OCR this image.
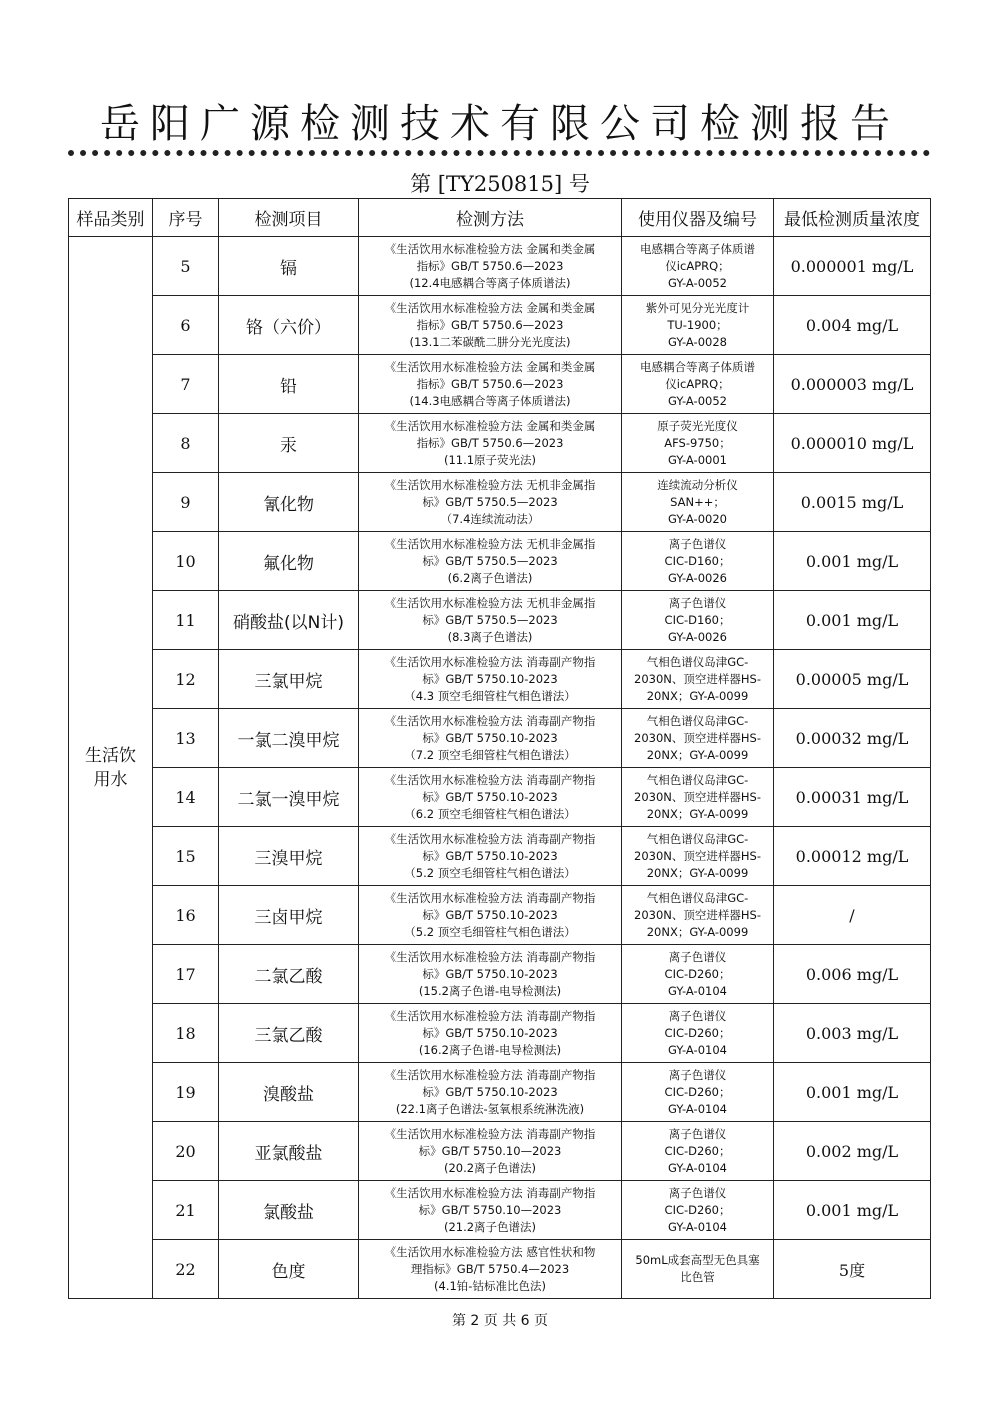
岳阳广源检测技术有限公司检测报告
第 [TY250815] 号
样品类别	序号	检测项目	检测方法	使用仪器及编号	最低检测质量浓度
生活饮用水	5	镉	《生活饮用水标准检验方法 金属和类金属
指标》GB/T 5750.6—2023
(12.4电感耦合等离子体质谱法)	电感耦合等离子体质谱
仪icAPRQ；
GY-A-0052	0.000001 mg/L
	6	铬（六价）	《生活饮用水标准检验方法 金属和类金属
指标》GB/T 5750.6—2023
(13.1二苯碳酰二肼分光光度法)	紫外可见分光光度计
TU-1900；
GY-A-0028	0.004 mg/L
	7	铅	《生活饮用水标准检验方法 金属和类金属
指标》GB/T 5750.6—2023
(14.3电感耦合等离子体质谱法)	电感耦合等离子体质谱
仪icAPRQ；
GY-A-0052	0.000003 mg/L
	8	汞	《生活饮用水标准检验方法 金属和类金属
指标》GB/T 5750.6—2023
(11.1原子荧光法)	原子荧光光度仪
AFS-9750；
GY-A-0001	0.000010 mg/L
	9	氰化物	《生活饮用水标准检验方法 无机非金属指
标》GB/T 5750.5—2023
（7.4连续流动法）	连续流动分析仪
SAN++；
GY-A-0020	0.0015 mg/L
	10	氟化物	《生活饮用水标准检验方法 无机非金属指
标》GB/T 5750.5—2023
(6.2离子色谱法)	离子色谱仪
CIC-D160；
GY-A-0026	0.001 mg/L
	11	硝酸盐(以N计)	《生活饮用水标准检验方法 无机非金属指
标》GB/T 5750.5—2023
(8.3离子色谱法)	离子色谱仪
CIC-D160；
GY-A-0026	0.001 mg/L
	12	三氯甲烷	《生活饮用水标准检验方法 消毒副产物指
标》GB/T 5750.10-2023
（4.3 顶空毛细管柱气相色谱法）	气相色谱仪岛津GC-
2030N、顶空进样器HS-
20NX；GY-A-0099	0.00005 mg/L
	13	一氯二溴甲烷	《生活饮用水标准检验方法 消毒副产物指
标》GB/T 5750.10-2023
（7.2 顶空毛细管柱气相色谱法）	气相色谱仪岛津GC-
2030N、顶空进样器HS-
20NX；GY-A-0099	0.00032 mg/L
	14	二氯一溴甲烷	《生活饮用水标准检验方法 消毒副产物指
标》GB/T 5750.10-2023
（6.2 顶空毛细管柱气相色谱法）	气相色谱仪岛津GC-
2030N、顶空进样器HS-
20NX；GY-A-0099	0.00031 mg/L
	15	三溴甲烷	《生活饮用水标准检验方法 消毒副产物指
标》GB/T 5750.10-2023
（5.2 顶空毛细管柱气相色谱法）	气相色谱仪岛津GC-
2030N、顶空进样器HS-
20NX；GY-A-0099	0.00012 mg/L
	16	三卤甲烷	《生活饮用水标准检验方法 消毒副产物指
标》GB/T 5750.10-2023
（5.2 顶空毛细管柱气相色谱法）	气相色谱仪岛津GC-
2030N、顶空进样器HS-
20NX；GY-A-0099	/
	17	二氯乙酸	《生活饮用水标准检验方法 消毒副产物指
标》GB/T 5750.10-2023
(15.2离子色谱-电导检测法)	离子色谱仪
CIC-D260；
GY-A-0104	0.006 mg/L
	18	三氯乙酸	《生活饮用水标准检验方法 消毒副产物指
标》GB/T 5750.10-2023
(16.2离子色谱-电导检测法)	离子色谱仪
CIC-D260；
GY-A-0104	0.003 mg/L
	19	溴酸盐	《生活饮用水标准检验方法 消毒副产物指
标》GB/T 5750.10-2023
(22.1离子色谱法-氢氧根系统淋洗液)	离子色谱仪
CIC-D260；
GY-A-0104	0.001 mg/L
	20	亚氯酸盐	《生活饮用水标准检验方法 消毒副产物指
标》GB/T 5750.10—2023
(20.2离子色谱法)	离子色谱仪
CIC-D260；
GY-A-0104	0.002 mg/L
	21	氯酸盐	《生活饮用水标准检验方法 消毒副产物指
标》GB/T 5750.10—2023
(21.2离子色谱法)	离子色谱仪
CIC-D260；
GY-A-0104	0.001 mg/L
	22	色度	《生活饮用水标准检验方法 感官性状和物
理指标》GB/T 5750.4—2023
(4.1铂-钴标准比色法)	50mL成套高型无色具塞
比色管	5度
第 2 页 共 6 页
